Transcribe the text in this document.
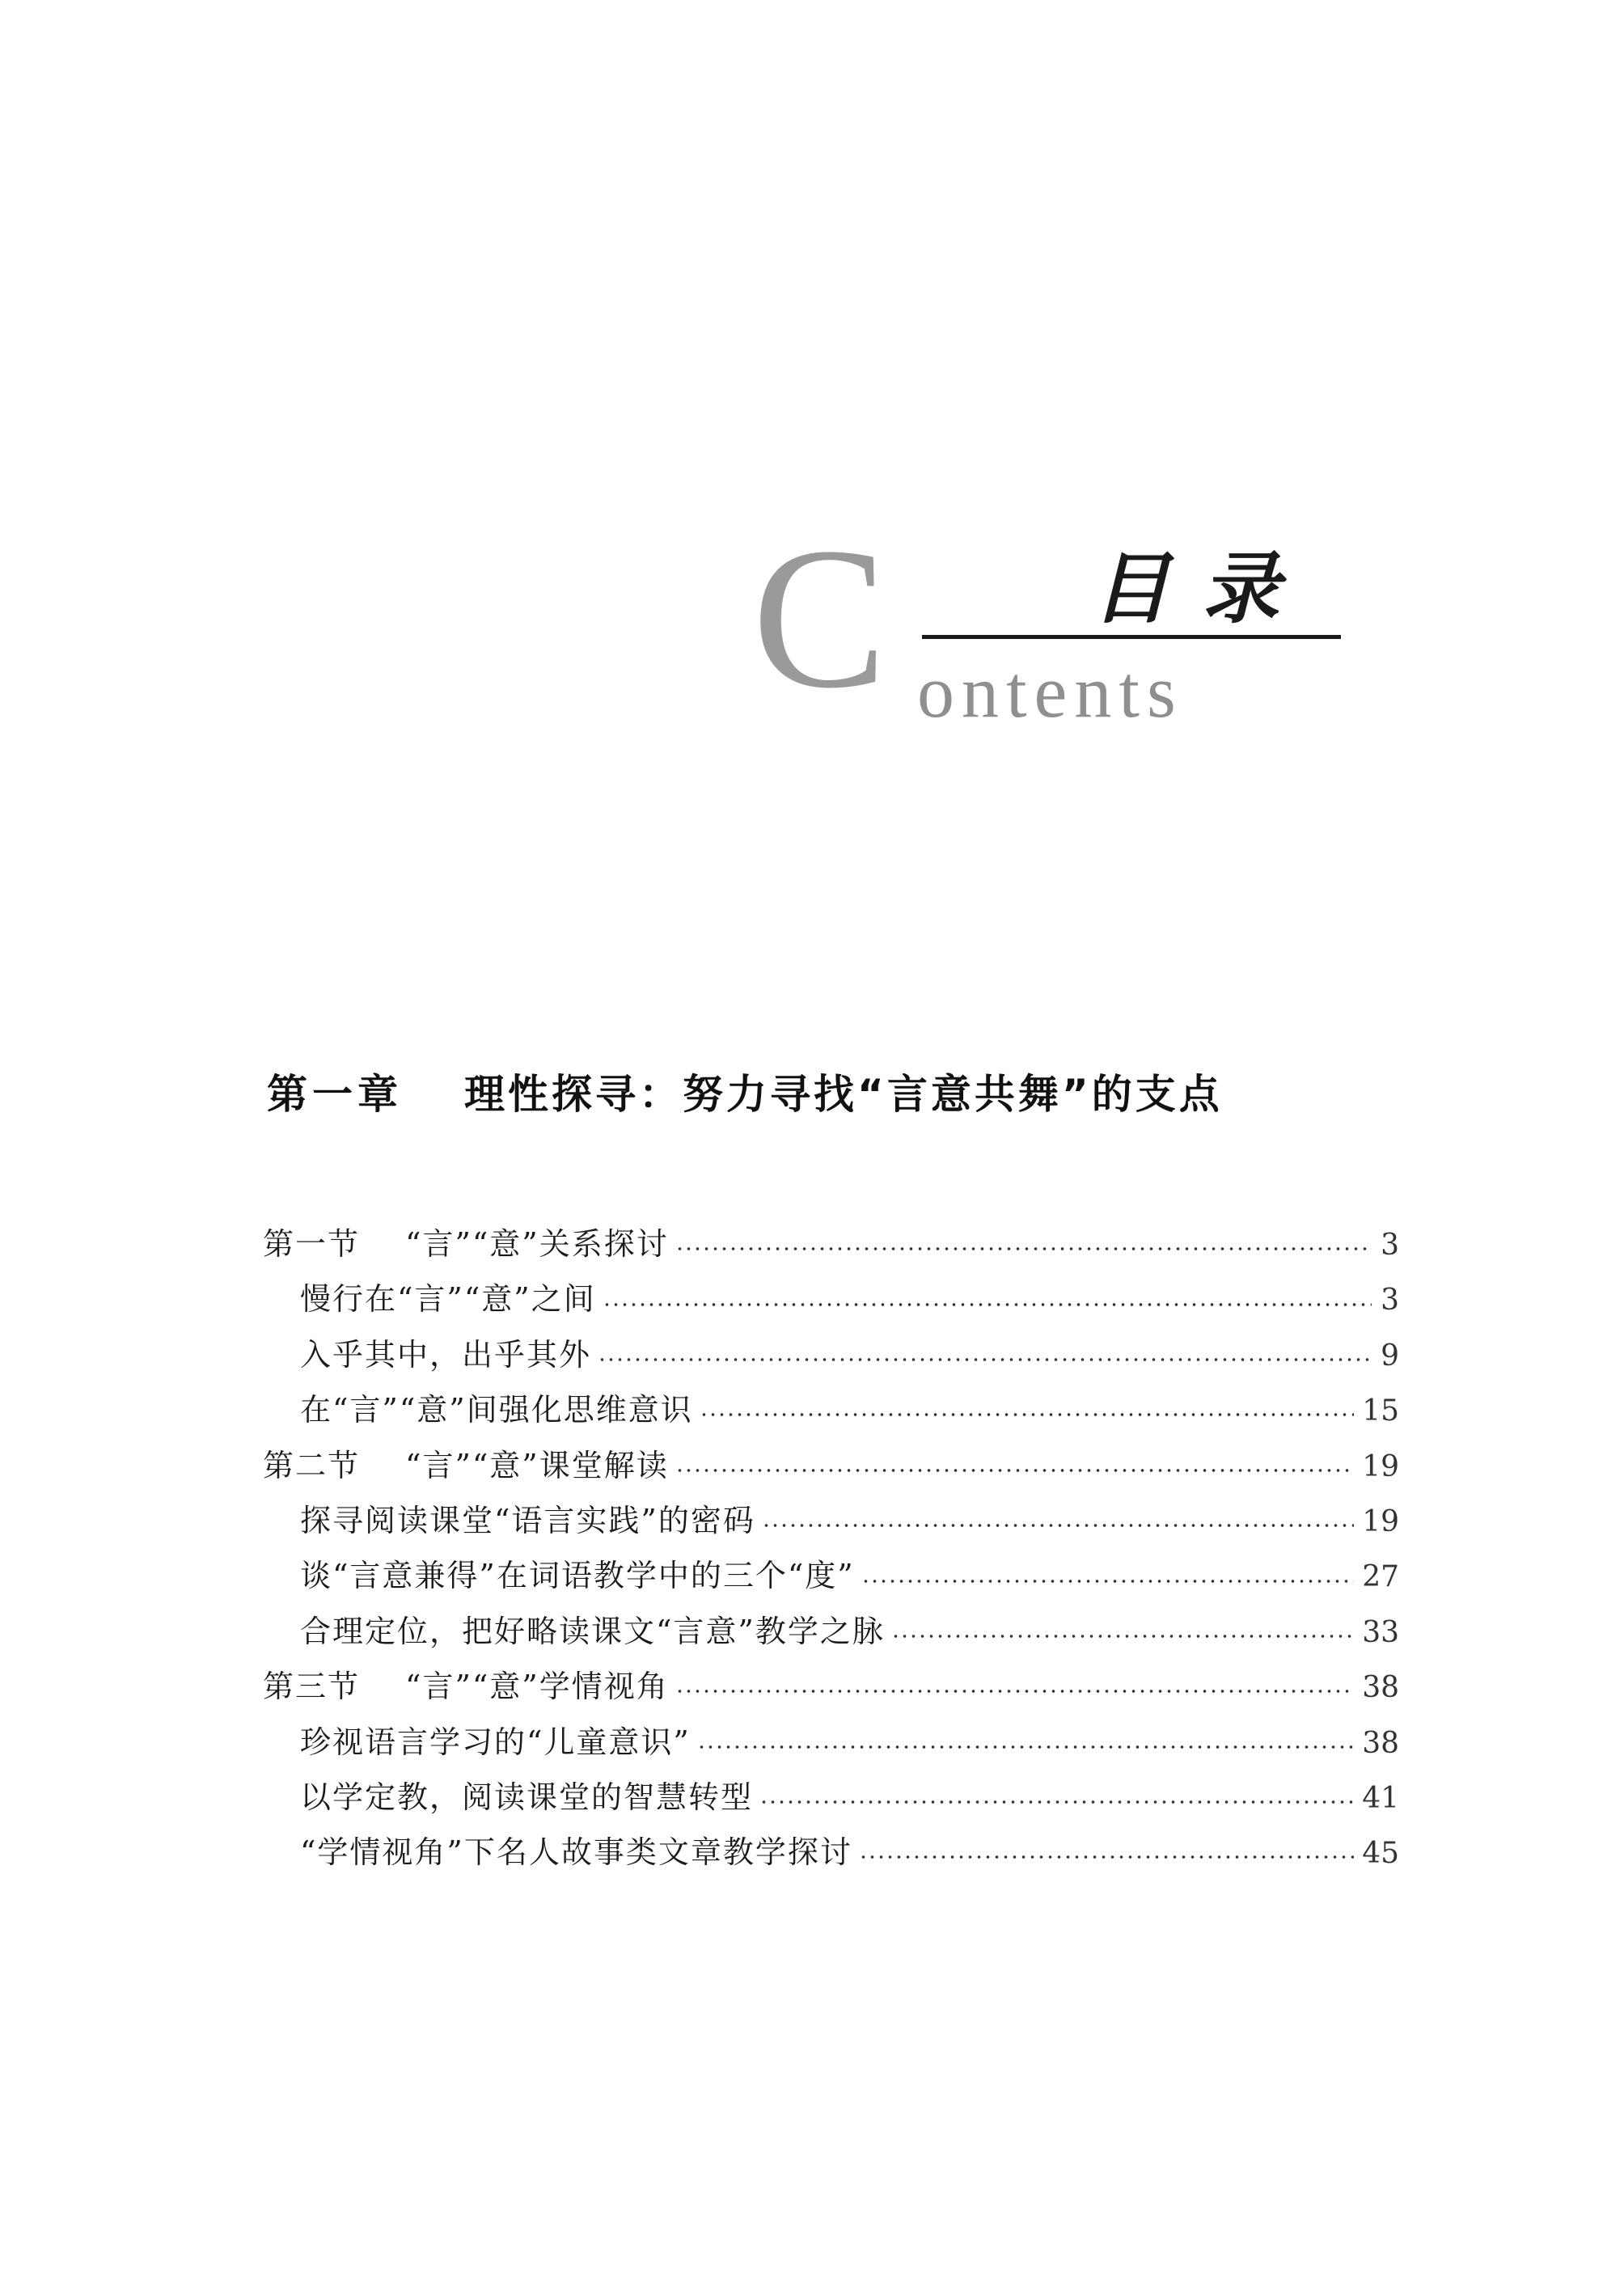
C	目录
ontents
第一章 理性探寻：努力寻找“言意共舞”的支点
第一节 “言”“意”关系探讨	3
慢行在“言”“意”之间	3
入乎其中，出乎其外	9
在“言”“意”间强化思维意识	15
第二节 “言”“意”课堂解读	19
探寻阅读课堂“语言实践”的密码	19
谈“言意兼得”在词语教学中的三个“度”	27
合理定位，把好略读课文“言意”教学之脉	33
第三节 “言”“意”学情视角	38
珍视语言学习的“儿童意识”	38
以学定教，阅读课堂的智慧转型	41
“学情视角”下名人故事类文章教学探讨	45
